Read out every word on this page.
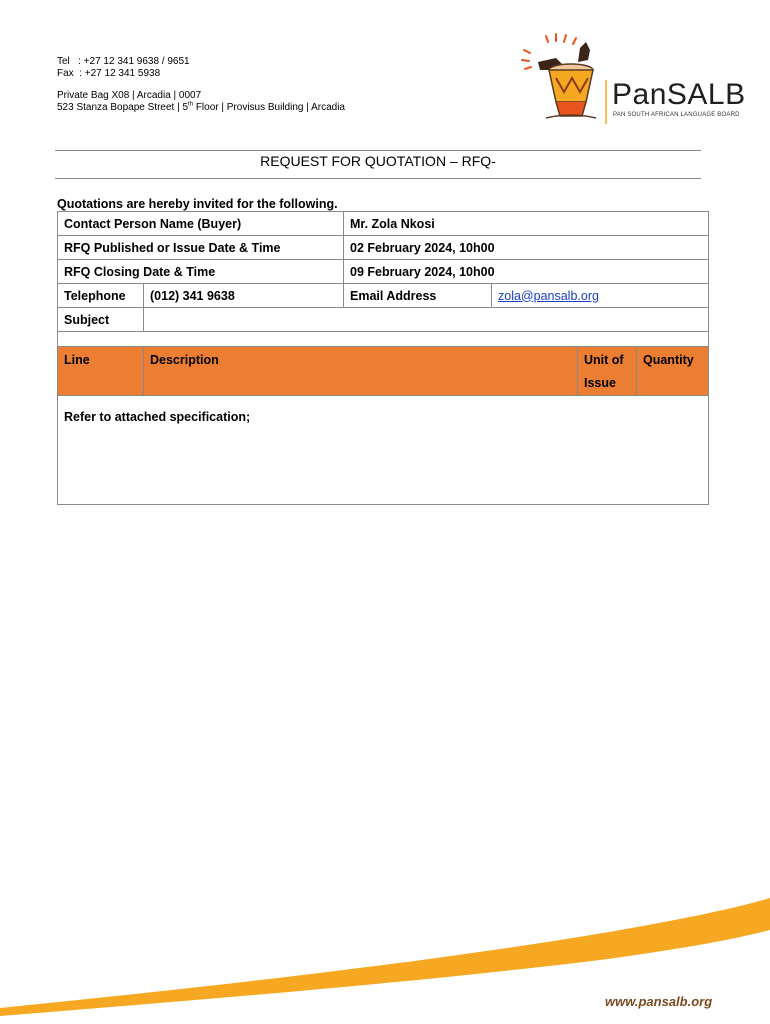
Tel   : +27 12 341 9638 / 9651
Fax  : +27 12 341 5938
Private Bag X08 | Arcadia | 0007
523 Stanza Bopape Street | 5th Floor | Provisus Building | Arcadia	PanSALB
PAN SOUTH AFRICAN LANGUAGE BOARD
REQUEST FOR QUOTATION – RFQ-
Quotations are hereby invited for the following.
Contact Person Name (Buyer)		Mr. Zola Nkosi			
RFQ Published or Issue Date & Time		02 February 2024, 10h00			
RFQ Closing Date & Time		09 February 2024, 10h00			
Telephone	(012) 341 9638	Email Address	zola@pansalb.org		
Subject					

Line	Description			Unit of Issue	Quantity
Refer to attached specification;					
www.pansalb.org
